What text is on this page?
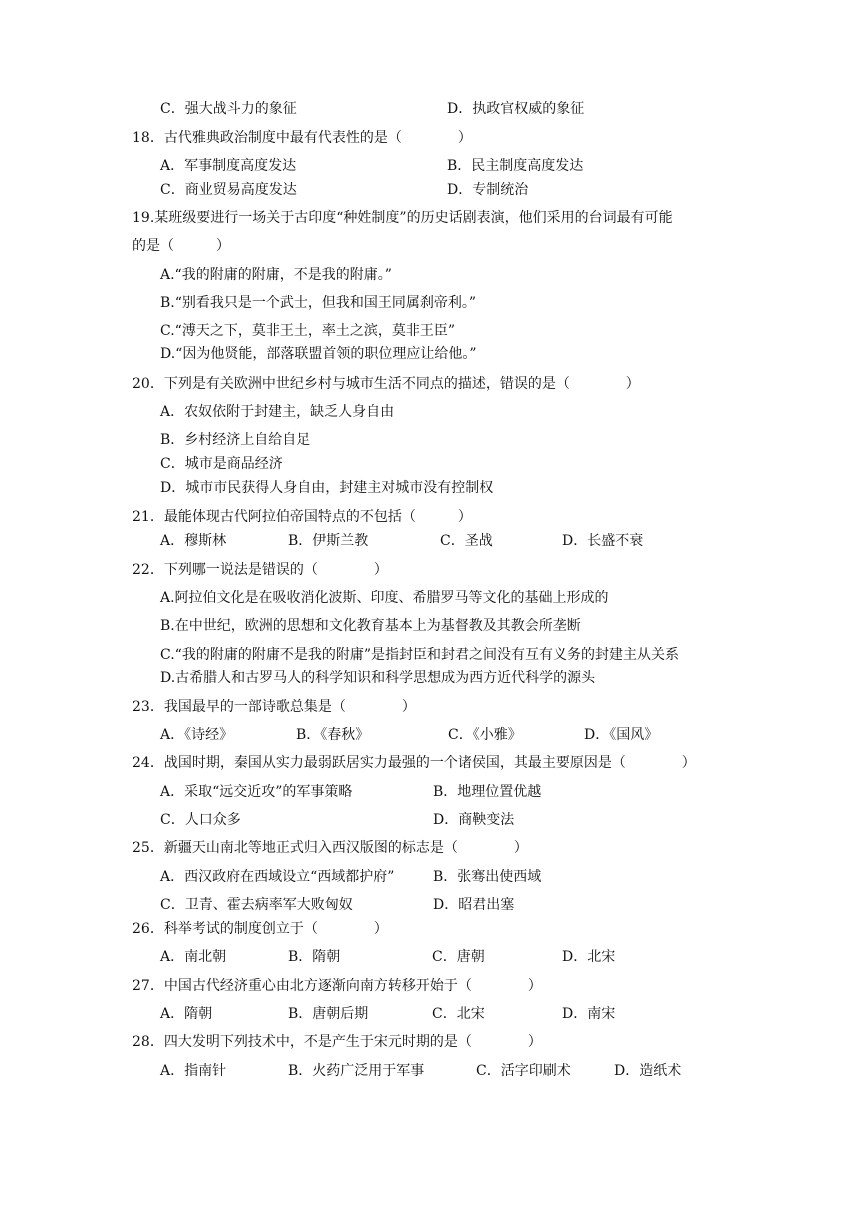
C．强大战斗力的象征	D．执政官权威的象征
18．古代雅典政治制度中最有代表性的是（　　　　）
A．军事制度高度发达	B．民主制度高度发达
C．商业贸易高度发达	D．专制统治
19.某班级要进行一场关于古印度“种姓制度”的历史话剧表演，他们采用的台词最有可能
的是（　　　）
A.“我的附庸的附庸，不是我的附庸。”
B.“别看我只是一个武士，但我和国王同属刹帝利。”
C.“溥天之下，莫非王土，率土之滨，莫非王臣”
D.“因为他贤能，部落联盟首领的职位理应让给他。”
20．下列是有关欧洲中世纪乡村与城市生活不同点的描述，错误的是（　　　　）
A．农奴依附于封建主，缺乏人身自由
B．乡村经济上自给自足
C．城市是商品经济
D．城市市民获得人身自由，封建主对城市没有控制权
21．最能体现古代阿拉伯帝国特点的不包括（　　　）
A．穆斯林	B．伊斯兰教	C．圣战	D．长盛不衰
22．下列哪一说法是错误的（　　　　）
A.阿拉伯文化是在吸收消化波斯、印度、希腊罗马等文化的基础上形成的
B.在中世纪，欧洲的思想和文化教育基本上为基督教及其教会所垄断
C.“我的附庸的附庸不是我的附庸”是指封臣和封君之间没有互有义务的封建主从关系
D.古希腊人和古罗马人的科学知识和科学思想成为西方近代科学的源头
23．我国最早的一部诗歌总集是（　　　　）
A．《诗经》	B．《春秋》	C．《小雅》	D．《国风》
24．战国时期，秦国从实力最弱跃居实力最强的一个诸侯国，其最主要原因是（　　　　）
A．采取“远交近攻”的军事策略	B．地理位置优越
C．人口众多	D．商鞅变法
25．新疆天山南北等地正式归入西汉版图的标志是（　　　　）
A．西汉政府在西域设立“西域都护府”	B．张骞出使西域
C．卫青、霍去病率军大败匈奴	D．昭君出塞
26．科举考试的制度创立于（　　　　）
A．南北朝	B．隋朝	C．唐朝	D．北宋
27．中国古代经济重心由北方逐渐向南方转移开始于（　　　　）
A．隋朝	B．唐朝后期	C．北宋	D．南宋
28．四大发明下列技术中，不是产生于宋元时期的是（　　　　）
A．指南针	B．火药广泛用于军事	C．活字印刷术	D．造纸术
